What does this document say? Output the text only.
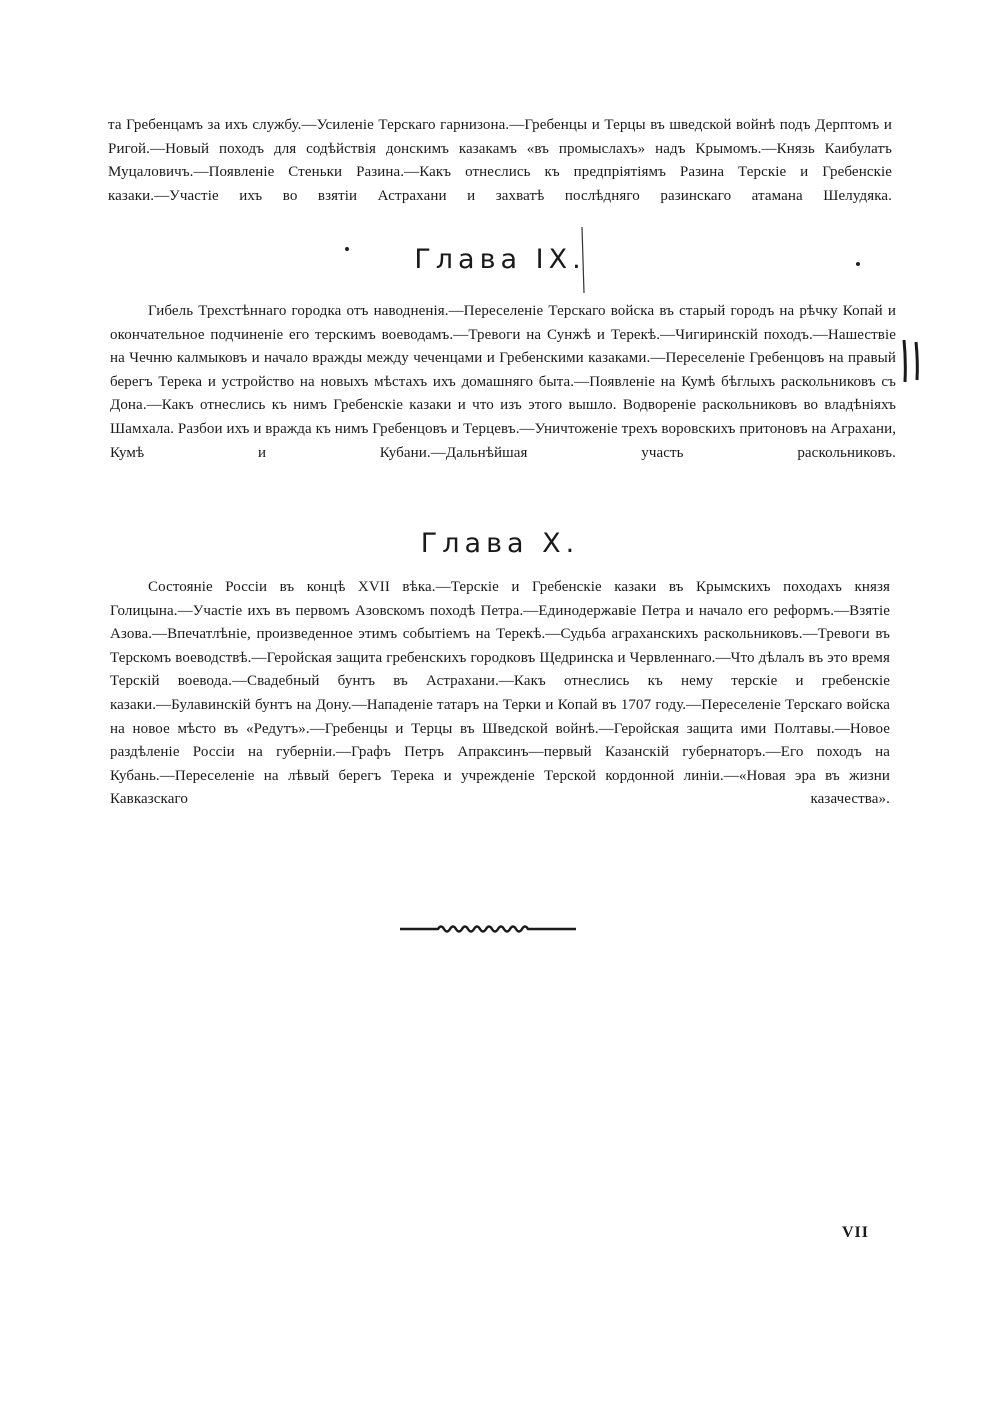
та Гребенцамъ за ихъ службу.—Усиленіе Терскаго гарнизона.—Гребенцы и Терцы въ шведской войнѣ подъ Дерптомъ и
Ригой.—Новый походъ для содѣйствія донскимъ казакамъ «въ промыслахъ» надъ Крымомъ.—Князь Каибулатъ
Муцаловичъ.—Появленіе Стеньки Разина.—Какъ отнеслись къ предпріятіямъ Разина Терскіе и Гребенскіе
казаки.—Участіе ихъ во взятіи Астрахани и захватѣ послѣдняго разинскаго атамана Шелудяка.
Глава IX.
Гибель Трехстѣннаго городка отъ наводненія.—Переселеніе Терскаго войска въ старый городъ на рѣчку Копай и
окончательное подчиненіе его терскимъ воеводамъ.—Тревоги на Сунжѣ и Терекѣ.—Чигиринскій походъ.—Нашествіе
на Чечню калмыковъ и начало вражды между чеченцами и Гребенскими казаками.—Переселеніе Гребенцовъ на правый
берегъ Терека и устройство на новыхъ мѣстахъ ихъ домашняго быта.—Появленіе на Кумѣ бѣглыхъ раскольниковъ съ
Дона.—Какъ отнеслись къ нимъ Гребенскіе казаки и что изъ этого вышло. Водвореніе раскольниковъ во владѣніяхъ
Шамхала. Разбои ихъ и вражда къ нимъ Гребенцовъ и Терцевъ.—Уничтоженіе трехъ воровскихъ притоновъ на Аграхани,
Кумѣ и Кубани.—Дальнѣйшая участь раскольниковъ.
Глава X.
Состояніе Россіи въ концѣ XVII вѣка.—Терскіе и Гребенскіе казаки въ Крымскихъ походахъ князя
Голицына.—Участіе ихъ въ первомъ Азовскомъ походѣ Петра.—Единодержавіе Петра и начало его реформъ.—Взятіе
Азова.—Впечатлѣніе, произведенное этимъ событіемъ на Терекѣ.—Судьба аграханскихъ раскольниковъ.—Тревоги въ
Терскомъ воеводствѣ.—Геройская защита гребенскихъ городковъ Щедринска и Червленнаго.—Что дѣлалъ въ это время
Терскій воевода.—Свадебный бунтъ въ Астрахани.—Какъ отнеслись къ нему терскіе и гребенскіе
казаки.—Булавинскій бунтъ на Дону.—Нападеніе татаръ на Терки и Копай въ 1707 году.—Переселеніе Терскаго войска
на новое мѣсто въ «Редутъ».—Гребенцы и Терцы въ Шведской войнѣ.—Геройская защита ими Полтавы.—Новое
раздѣленіе Россіи на губерніи.—Графъ Петръ Апраксинъ—первый Казанскій губернаторъ.—Его походъ на
Кубань.—Переселеніе на лѣвый берегъ Терека и учрежденіе Терской кордонной линіи.—«Новая эра въ жизни
Кавказскаго казачества».
VII
